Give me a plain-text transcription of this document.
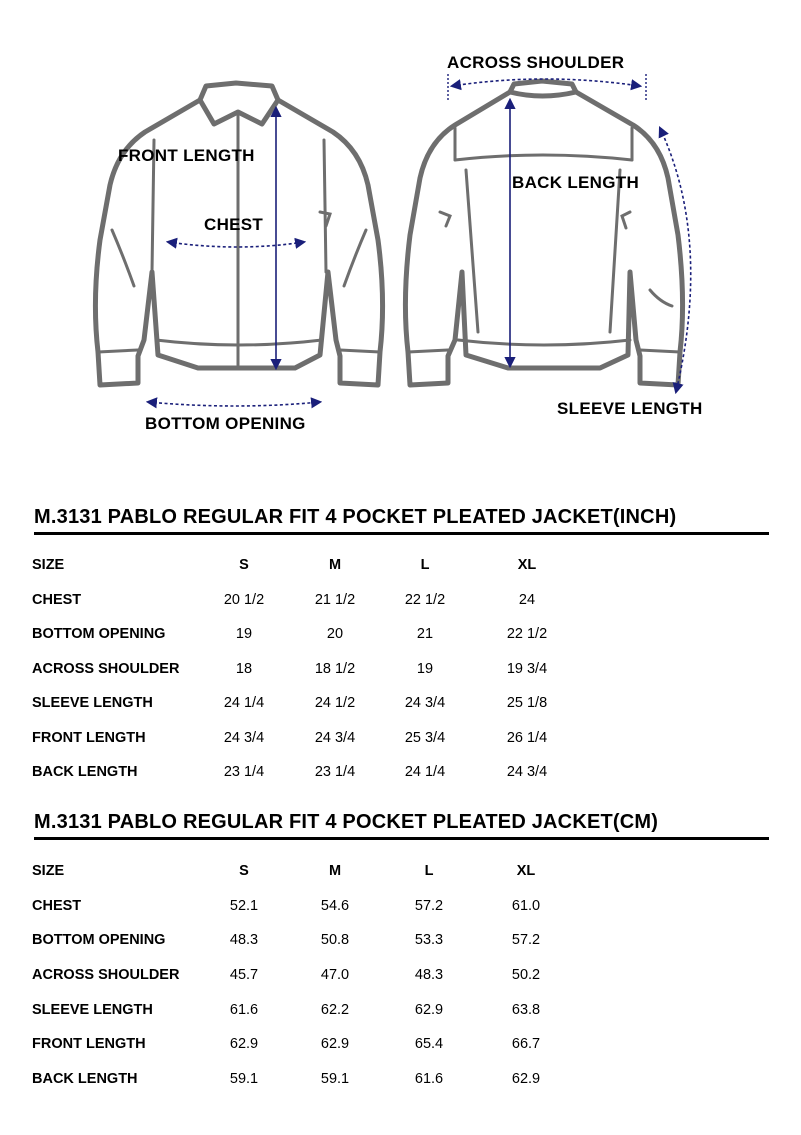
FRONT LENGTH
CHEST
BOTTOM OPENING
ACROSS SHOULDER
BACK LENGTH
SLEEVE LENGTH
M.3131 PABLO REGULAR FIT 4 POCKET PLEATED JACKET(INCH)
SIZE	S	M	L	XL
CHEST	20 1/2	21 1/2	22 1/2	24
BOTTOM OPENING	19	20	21	22 1/2
ACROSS SHOULDER	18	18 1/2	19	19 3/4
SLEEVE LENGTH	24 1/4	24 1/2	24 3/4	25 1/8
FRONT LENGTH	24 3/4	24 3/4	25 3/4	26 1/4
BACK LENGTH	23 1/4	23 1/4	24 1/4	24 3/4
M.3131 PABLO REGULAR FIT 4 POCKET PLEATED JACKET(CM)
SIZE	S	M	L	XL
CHEST	52.1	54.6	57.2	61.0
BOTTOM OPENING	48.3	50.8	53.3	57.2
ACROSS SHOULDER	45.7	47.0	48.3	50.2
SLEEVE LENGTH	61.6	62.2	62.9	63.8
FRONT LENGTH	62.9	62.9	65.4	66.7
BACK LENGTH	59.1	59.1	61.6	62.9
